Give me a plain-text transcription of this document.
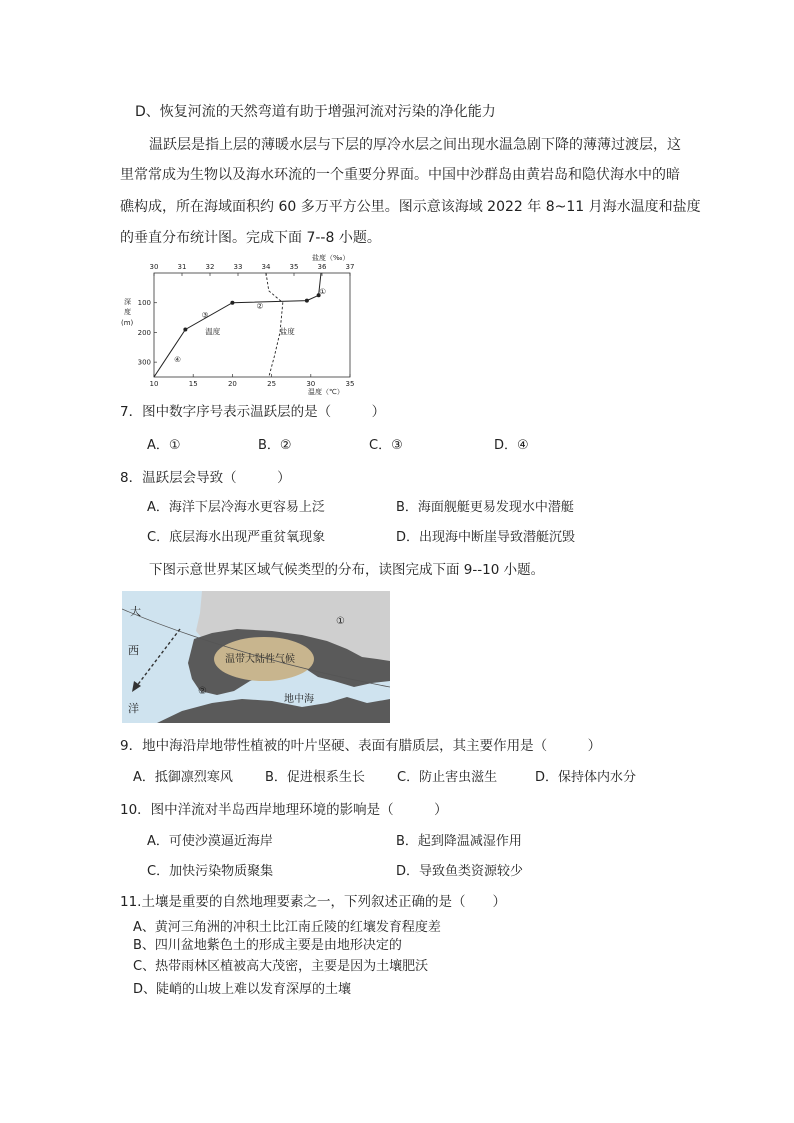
D、恢复河流的天然弯道有助于增强河流对污染的净化能力
温跃层是指上层的薄暖水层与下层的厚冷水层之间出现水温急剧下降的薄薄过渡层，这
里常常成为生物以及海水环流的一个重要分界面。中国中沙群岛由黄岩岛和隐伏海水中的暗
礁构成，所在海域面积约 60 多万平方公里。图示意该海域 2022 年 8~11 月海水温度和盐度
的垂直分布统计图。完成下面 7--8 小题。
30	31	32	33	34	35	36	37
10	15	20	25	30	35
100
200
300
盐度（‰）
温度（℃）
深
度
(m)
①
②
③
④
温度	盐度
7．图中数字序号表示温跃层的是（　　　）
A．①	B．②	C．③	D．④
8．温跃层会导致（　　　）
A．海洋下层冷海水更容易上泛	B．海面舰艇更易发现水中潜艇
C．底层海水出现严重贫氧现象	D．出现海中断崖导致潜艇沉毁
下图示意世界某区域气候类型的分布，读图完成下面 9--10 小题。
大
西
洋
温带大陆性气候
地中海
①
②
9．地中海沿岸地带性植被的叶片坚硬、表面有腊质层，其主要作用是（　　　）
A．抵御凛烈寒风 B．促进根系生长 C．防止害虫滋生	D．保持体内水分
10．图中洋流对半岛西岸地理环境的影响是（　　　）
A．可使沙漠逼近海岸	B．起到降温减湿作用
C．加快污染物质聚集	D．导致鱼类资源较少
11.土壤是重要的自然地理要素之一，下列叙述正确的是（　　）
A、黄河三角洲的冲积土比江南丘陵的红壤发育程度差
B、四川盆地紫色土的形成主要是由地形决定的
C、热带雨林区植被高大茂密，主要是因为土壤肥沃
D、陡峭的山坡上难以发育深厚的土壤
